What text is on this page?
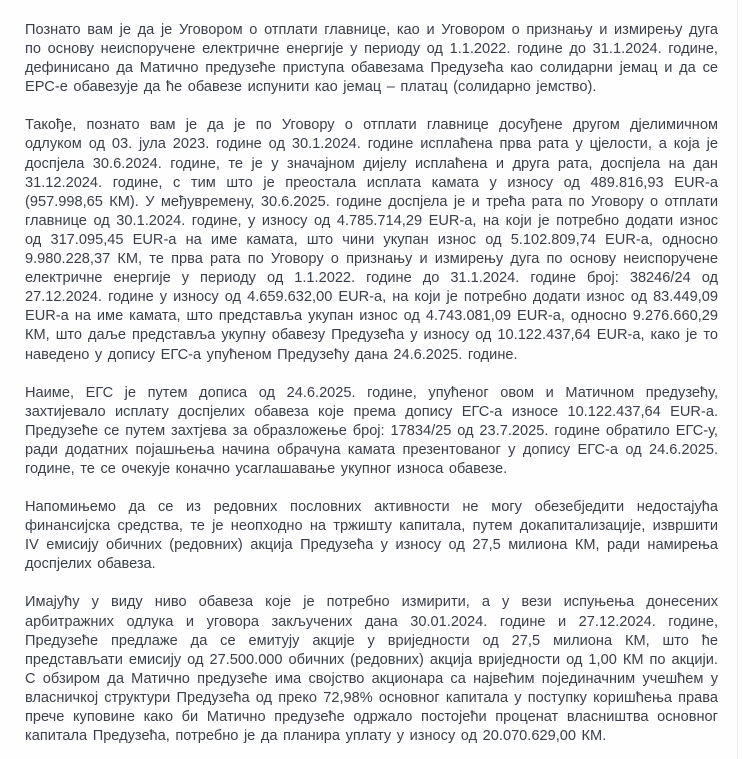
Познато вам је да је Уговором о отплати главнице, као и Уговором о признању и измирењу дуга по основу неиспоручене електричне енергије у периоду од 1.1.2022. године до 31.1.2024. године, дефинисано да Матично предузеће приступа обавезама Предузећа као солидарни јемац и да се ЕРС-е обавезује да ће обавезе испунити као јемац – платац (солидарно јемство).

Такође, познато вам је да је по Уговору о отплати главнице досуђене другом дјелимичном одлуком од 03. јула 2023. године од 30.1.2024. године исплаћена прва рата у цјелости, а која је доспјела 30.6.2024. године, те је у значајном дијелу исплаћена и друга рата, доспјела на дан 31.12.2024. године, с тим што је преостала исплата камата у износу од 489.816,93 EUR-а (957.998,65 КМ). У међувремену, 30.6.2025. године доспјела је и трећа рата по Уговору о отплати главнице од 30.1.2024. године, у износу од 4.785.714,29 EUR-а, на који је потребно додати износ од 317.095,45 EUR-а на име камата, што чини укупан износ од 5.102.809,74 EUR-а, односно 9.980.228,37 КМ, те прва рата по Уговору о признању и измирењу дуга по основу неиспоручене електричне енергије у периоду од 1.1.2022. године до 31.1.2024. године број: 38246/24 од 27.12.2024. године у износу од 4.659.632,00 EUR-а, на који је потребно додати износ од 83.449,09 EUR-а на име камата, што представља укупан износ од 4.743.081,09 EUR-а, односно 9.276.660,29 КМ, што даље представља укупну обавезу Предузећа у износу од 10.122.437,64 EUR-а, како је то наведено у допису ЕГС-а упућеном Предузећу дана 24.6.2025. године.

Наиме, ЕГС је путем дописа од 24.6.2025. године, упућеног овом и Матичном предузећу, захтијевало исплату доспјелих обавеза које према допису ЕГС-а износе 10.122.437,64 EUR-а. Предузеће се путем захтјева за образложење број: 17834/25 од 23.7.2025. године обратило ЕГС-у, ради додатних појашњења начина обрачуна камата презентованог у допису ЕГС-а од 24.6.2025. године, те се очекује коначно усаглашавање укупног износа обавезе.

Напомињемо да се из редовних пословних активности не могу обезебједити недостајућа финансијска средства, те је неопходно на тржишту капитала, путем докапитализације, извршити IV емисију обичних (редовних) акција Предузећа у износу од 27,5 милиона КМ, ради намирења доспјелих обавеза.

Имајућу у виду ниво обавеза које је потребно измирити, а у вези испуњења донесених арбитражних одлука и уговора закључених дана 30.01.2024. године и 27.12.2024. године, Предузеће предлаже да се емитују акције у вриједности од 27,5 милиона КМ, што ће представљати емисију од 27.500.000 обичних (редовних) акција вриједности од 1,00 КМ по акцији. С обзиром да Матично предузеће има својство акционара са највећим појединачним учешћем у власничкој структури Предузећа од преко 72,98% основног капитала у поступку коришћења права прече куповине како би Матично предузеће одржало постојећи проценат власништва основног капитала Предузећа, потребно је да планира уплату у износу од 20.070.629,00 КМ.
